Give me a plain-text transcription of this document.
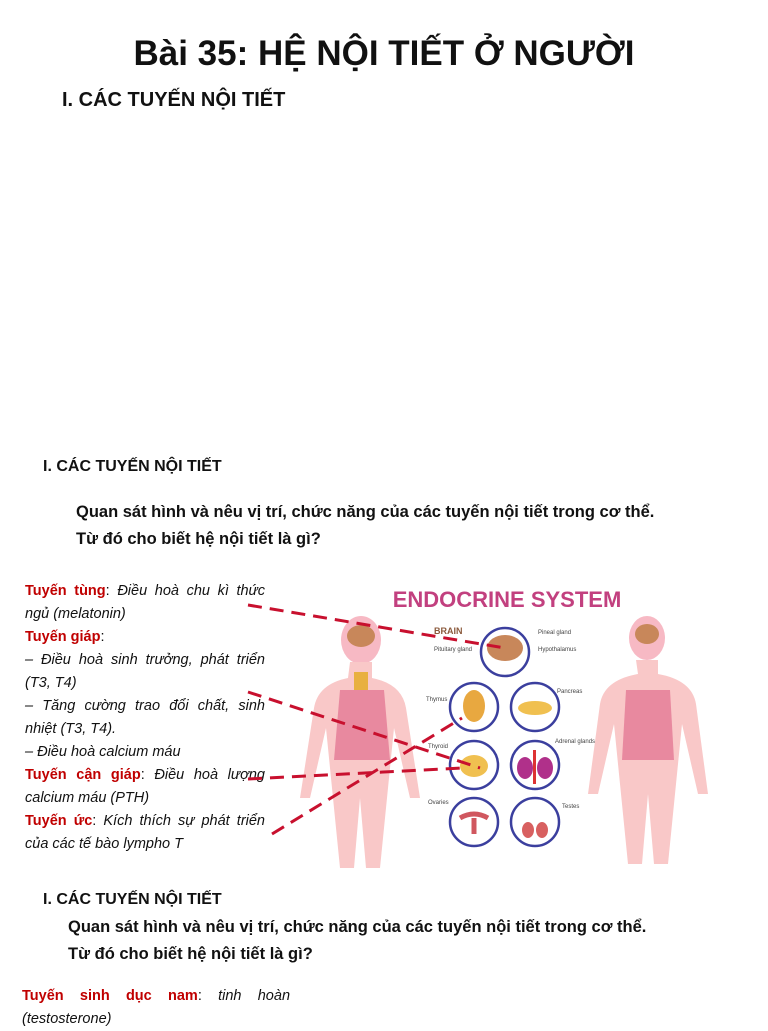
Bài 35: HỆ NỘI TIẾT Ở NGƯỜI
I. CÁC TUYẾN NỘI TIẾT
I. CÁC TUYẾN NỘI TIẾT
Quan sát hình và nêu vị trí, chức năng của các tuyến nội tiết trong cơ thể.
Từ đó cho biết hệ nội tiết là gì?

Tuyến tùng: Điều hoà chu kì thức ngủ (melatonin)

Tuyến giáp:

– Điều hoà sinh trưởng, phát triển (T3, T4)

– Tăng cường trao đổi chất, sinh nhiệt (T3, T4).

– Điều hoà calcium máu

Tuyến cận giáp: Điều hoà lượng calcium máu (PTH)

Tuyến ức: Kích thích sự phát triển của các tế bào lympho T

ENDOCRINE SYSTEM
BRAIN	Pineal gland
Pituitary gland	Hypothalamus
Thymus
Pancreas
Thyroid
Adrenal glands
Ovaries
Testes
I. CÁC TUYẾN NỘI TIẾT
Quan sát hình và nêu vị trí, chức năng của các tuyến nội tiết trong cơ thể.
Từ đó cho biết hệ nội tiết là gì?
Tuyến sinh dục nam: tinh hoàn
(testosterone)
